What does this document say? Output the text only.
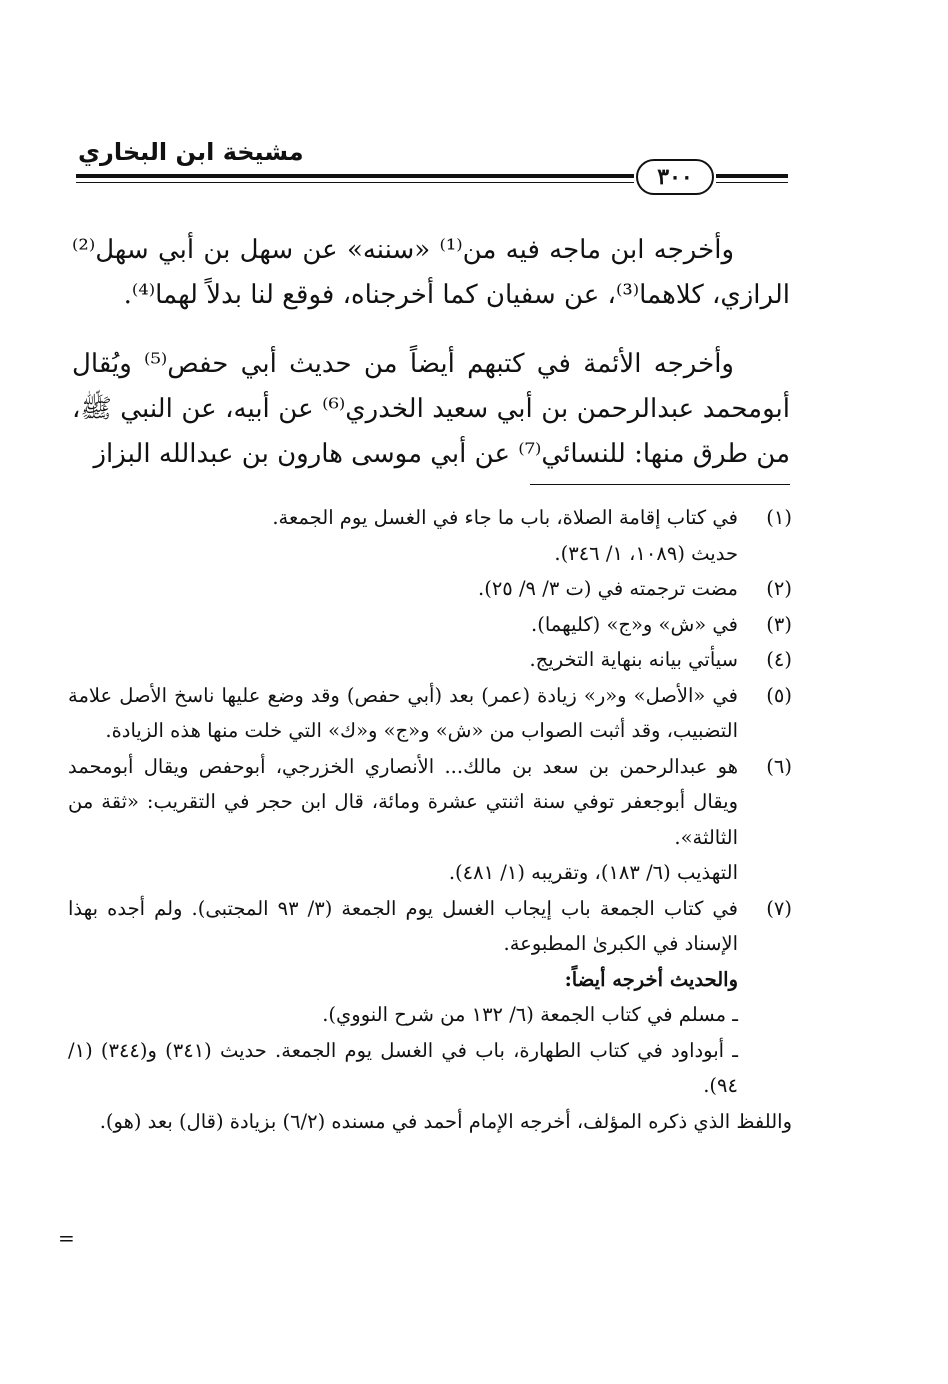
مشيخة ابن البخاري
٣٠٠

وأخرجه ابن ماجه فيه من⁽¹⁾ «سننه» عن سهل بن أبي سهل⁽²⁾ الرازي، كلاهما⁽³⁾، عن سفيان كما أخرجناه، فوقع لنا بدلاً لهما⁽⁴⁾.

وأخرجه الأئمة في كتبهم أيضاً من حديث أبي حفص⁽⁵⁾ ويُقال أبومحمد عبدالرحمن بن أبي سعيد الخدري⁽⁶⁾ عن أبيه، عن النبي ﷺ، من طرق منها: للنسائي⁽⁷⁾ عن أبي موسى هارون بن عبدالله البزاز

(١)
في كتاب إقامة الصلاة، باب ما جاء في الغسل يوم الجمعة.
حديث (١٠٨٩، ١/ ٣٤٦).
(٢)
مضت ترجمته في (ت ٣/ ٩/ ٢٥).
(٣)
في «ش» و«ج» (كليهما).
(٤)
سيأتي بيانه بنهاية التخريج.
(٥)
في «الأصل» و«ر» زيادة (عمر) بعد (أبي حفص) وقد وضع عليها ناسخ الأصل علامة التضبيب، وقد أثبت الصواب من «ش» و«ج» و«ك» التي خلت منها هذه الزيادة.
(٦)
هو عبدالرحمن بن سعد بن مالك... الأنصاري الخزرجي، أبوحفص ويقال أبومحمد ويقال أبوجعفر توفي سنة اثنتي عشرة ومائة، قال ابن حجر في التقريب: «ثقة من الثالثة».
التهذيب (٦/ ١٨٣)، وتقريبه (١/ ٤٨١).
(٧)
في كتاب الجمعة باب إيجاب الغسل يوم الجمعة (٣/ ٩٣ المجتبى). ولم أجده بهذا الإسناد في الكبرىٰ المطبوعة.
والحديث أخرجه أيضاً:
ـ مسلم في كتاب الجمعة (٦/ ١٣٢ من شرح النووي).
ـ أبوداود في كتاب الطهارة، باب في الغسل يوم الجمعة. حديث (٣٤١) و(٣٤٤) (١/ ٩٤).
واللفظ الذي ذكره المؤلف، أخرجه الإمام أحمد في مسنده (٦/٢) بزيادة (قال) بعد (هو).
=
